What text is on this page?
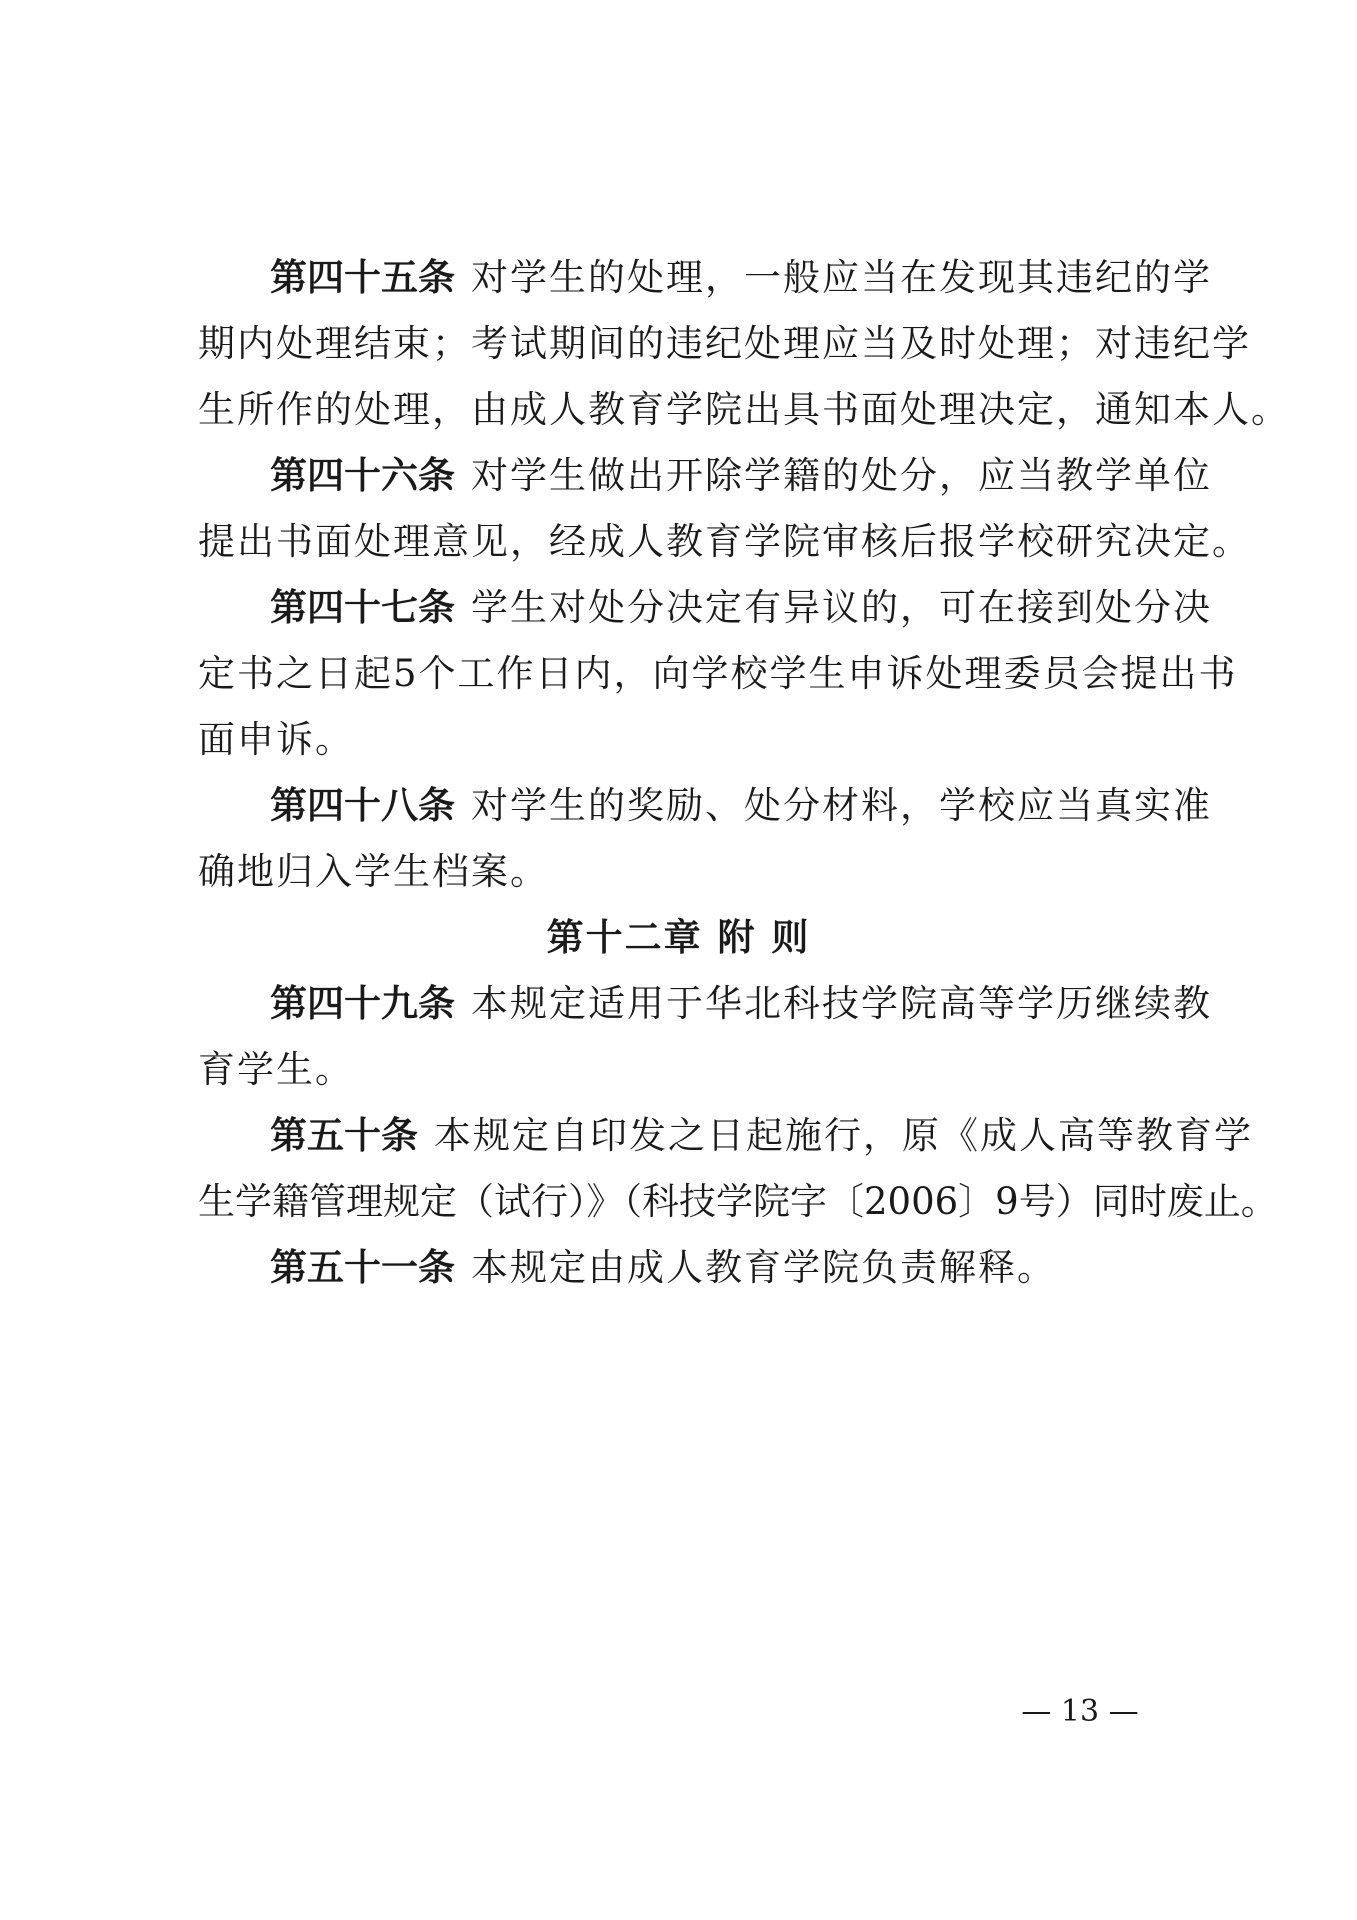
第四十五条 对学生的处理，一般应当在发现其违纪的学
期内处理结束；考试期间的违纪处理应当及时处理；对违纪学
生所作的处理，由成人教育学院出具书面处理决定，通知本人。
第四十六条 对学生做出开除学籍的处分，应当教学单位
提出书面处理意见，经成人教育学院审核后报学校研究决定。
第四十七条 学生对处分决定有异议的，可在接到处分决
定书之日起5个工作日内，向学校学生申诉处理委员会提出书
面申诉。
第四十八条 对学生的奖励、处分材料，学校应当真实准
确地归入学生档案。
第十二章 附 则
第四十九条 本规定适用于华北科技学院高等学历继续教
育学生。
第五十条 本规定自印发之日起施行，原《成人高等教育学
生学籍管理规定（试行）》（科技学院字〔2006〕9号）同时废止。
第五十一条 本规定由成人教育学院负责解释。
— 13 —
